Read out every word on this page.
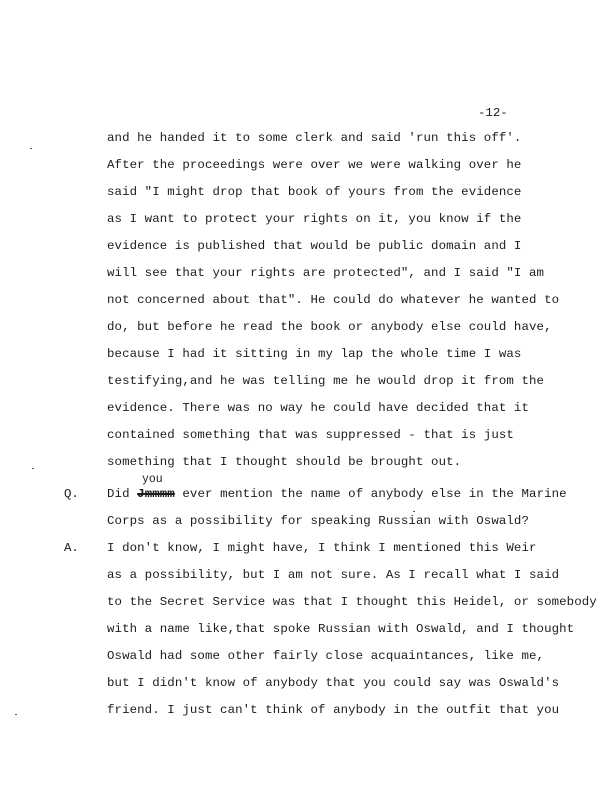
-12-
and he handed it to some clerk and said 'run this off'.
After the proceedings were over we were walking over he
said "I might drop that book of yours from the evidence
as I want to protect your rights on it, you know if the
evidence is published that would be public domain and I
will see that your rights are protected", and I said "I am
not concerned about that". He could do whatever he wanted to
do, but before he read the book or anybody else could have,
because I had it sitting in my lap the whole time I was
testifying,and he was telling me he would drop it from the
evidence. There was no way he could have decided that it
contained something that was suppressed - that is just
something that I thought should be brought out.
you
Q. Did Jmmmm ever mention the name of anybody else in the Marine
Corps as a possibility for speaking Russian with Oswald?
A. I don't know, I might have, I think I mentioned this Weir
as a possibility, but I am not sure. As I recall what I said
to the Secret Service was that I thought this Heidel, or somebody
with a name like,that spoke Russian with Oswald, and I thought
Oswald had some other fairly close acquaintances, like me,
but I didn't know of anybody that you could say was Oswald's
friend. I just can't think of anybody in the outfit that you
